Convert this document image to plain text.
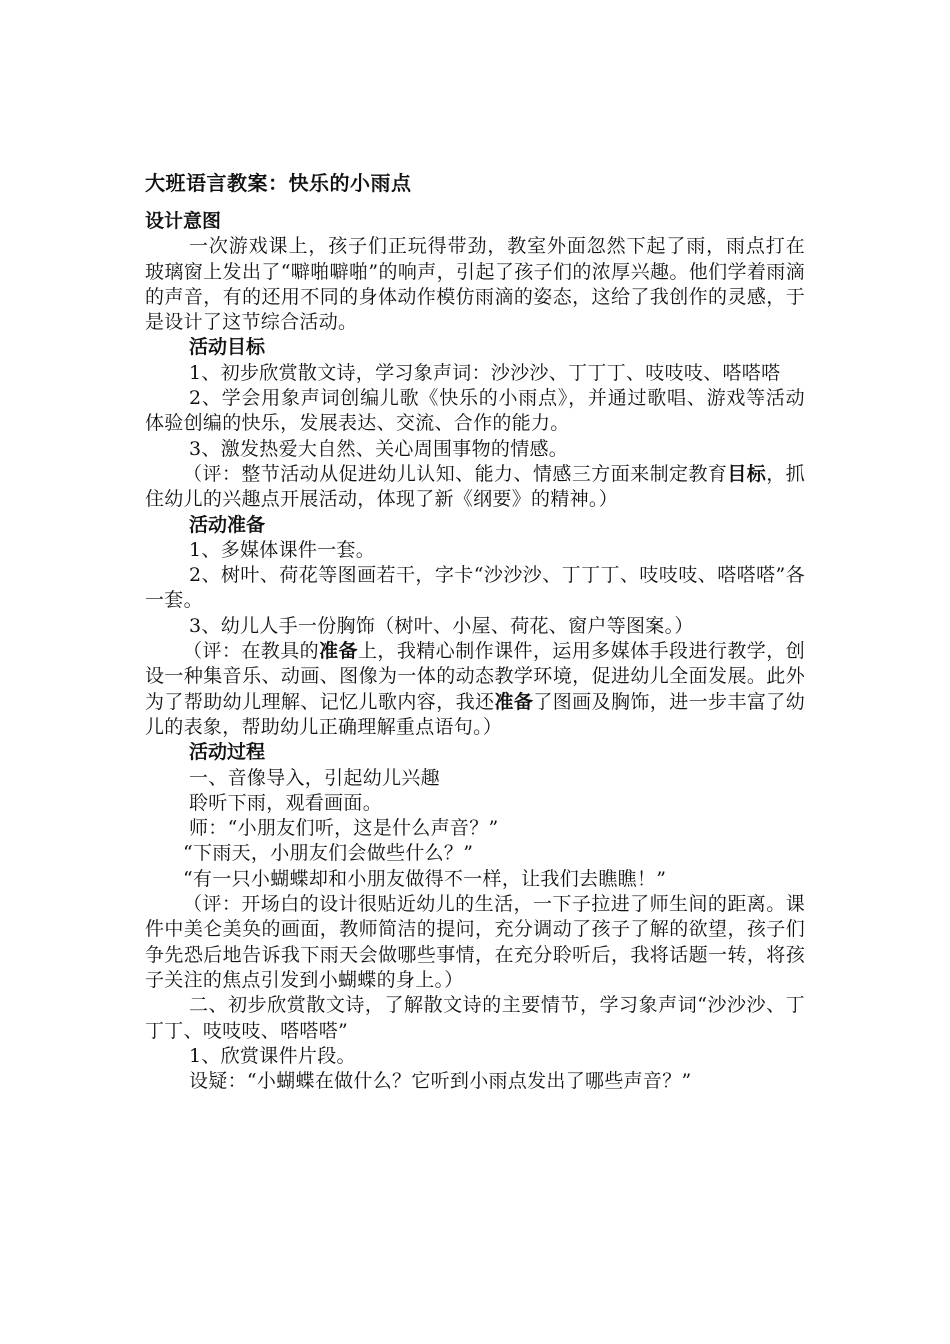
大班语言教案：快乐的小雨点
设计意图

一次游戏课上，孩子们正玩得带劲，教室外面忽然下起了雨，雨点打在玻璃窗上发出了“噼啪噼啪”的响声，引起了孩子们的浓厚兴趣。他们学着雨滴的声音，有的还用不同的身体动作模仿雨滴的姿态，这给了我创作的灵感，于是设计了这节综合活动。

活动目标

1、初步欣赏散文诗，学习象声词：沙沙沙、丁丁丁、吱吱吱、嗒嗒嗒

2、学会用象声词创编儿歌《快乐的小雨点》，并通过歌唱、游戏等活动体验创编的快乐，发展表达、交流、合作的能力。

3、激发热爱大自然、关心周围事物的情感。

（评：整节活动从促进幼儿认知、能力、情感三方面来制定教育目标，抓住幼儿的兴趣点开展活动，体现了新《纲要》的精神。）

活动准备

1、多媒体课件一套。

2、树叶、荷花等图画若干，字卡“沙沙沙、丁丁丁、吱吱吱、嗒嗒嗒”各一套。

3、幼儿人手一份胸饰（树叶、小屋、荷花、窗户等图案。）

（评：在教具的准备上，我精心制作课件，运用多媒体手段进行教学，创设一种集音乐、动画、图像为一体的动态教学环境，促进幼儿全面发展。此外为了帮助幼儿理解、记忆儿歌内容，我还准备了图画及胸饰，进一步丰富了幼儿的表象，帮助幼儿正确理解重点语句。）

活动过程

一、音像导入，引起幼儿兴趣

聆听下雨，观看画面。

师：“小朋友们听，这是什么声音？”

“下雨天，小朋友们会做些什么？”

“有一只小蝴蝶却和小朋友做得不一样，让我们去瞧瞧！”

（评：开场白的设计很贴近幼儿的生活，一下子拉进了师生间的距离。课件中美仑美奂的画面，教师简洁的提问，充分调动了孩子了解的欲望，孩子们争先恐后地告诉我下雨天会做哪些事情，在充分聆听后，我将话题一转，将孩子关注的焦点引发到小蝴蝶的身上。）

二、初步欣赏散文诗，了解散文诗的主要情节，学习象声词“沙沙沙、丁丁丁、吱吱吱、嗒嗒嗒”

1、欣赏课件片段。

设疑：“小蝴蝶在做什么？它听到小雨点发出了哪些声音？”
